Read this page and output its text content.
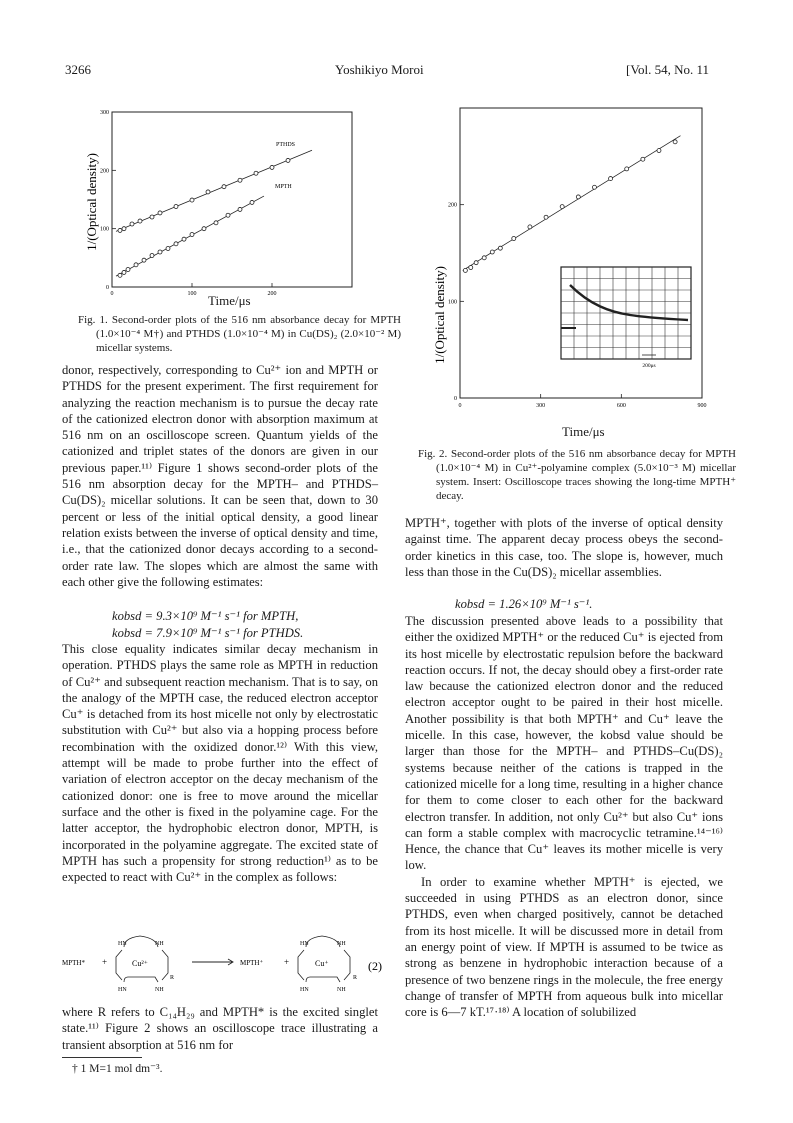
3266	Yoshikiyo Moroi	[Vol. 54, No. 11
1/(Optical density)
0	100	200
0
100
200
300
PTHDS
MPTH
Time/μs
Fig. 1. Second-order plots of the 516 nm absorbance decay for MPTH (1.0×10⁻⁴ M†) and PTHDS (1.0×10⁻⁴ M) in Cu(DS)₂ (2.0×10⁻² M) micellar systems.	1/(Optical density)
0	300	600	900
0
100
200
200μs
Time/μs
Fig. 2. Second-order plots of the 516 nm absorbance decay for MPTH (1.0×10⁻⁴ M) in Cu²⁺-polyamine complex (5.0×10⁻³ M) micellar system. Insert: Oscilloscope traces showing the long-time MPTH⁺ decay.

donor, respectively, corresponding to Cu²⁺ ion and MPTH or PTHDS for the present experiment. The first requirement for analyzing the reaction mechanism is to pursue the decay rate of the cationized electron donor with absorption maximum at 516 nm on an oscilloscope screen. Quantum yields of the cationized and triplet states of the donors are given in our previous paper.¹¹⁾ Figure 1 shows second-order plots of the 516 nm absorption decay for the MPTH– and PTHDS–Cu(DS)₂ micellar solutions. It can be seen that, down to 30 percent or less of the initial optical density, a good linear relation exists between the inverse of optical density and time, i.e., that the cationized donor decays according to a second-order rate law. The slopes which are almost the same with each other give the following estimates:

kobsd = 9.3×10⁹ M⁻¹ s⁻¹ for MPTH,
kobsd = 7.9×10⁹ M⁻¹ s⁻¹ for PTHDS.

This close equality indicates similar decay mechanism in operation. PTHDS plays the same role as MPTH in reduction of Cu²⁺ and subsequent reaction mechanism. That is to say, on the analogy of the MPTH case, the reduced electron acceptor Cu⁺ is detached from its host micelle not only by electrostatic substitution with Cu²⁺ but also via a hopping process before recombination with the oxidized donor.¹²⁾ With this view, attempt will be made to probe further into the effect of variation of electron acceptor on the decay mechanism of the cationized donor: one is free to move around the micellar surface and the other is fixed in the polyamine cage. For the latter acceptor, the hydrophobic electron donor, MPTH, is incorporated in the polyamine aggregate. The excited state of MPTH has such a propensity for strong reduction¹⁾ as to be expected to react with Cu²⁺ in the complex as follows:

MPTH* +
HN	NH
HN	NH
Cu²⁺
R
MPTH⁺ +
HN	NH
HN	NH
Cu⁺
R
(2)

where R refers to C₁₄H₂₉ and MPTH* is the excited singlet state.¹¹⁾ Figure 2 shows an oscilloscope trace illustrating a transient absorption at 516 nm for

† 1 M=1 mol dm⁻³.

MPTH⁺, together with plots of the inverse of optical density against time. The apparent decay process obeys the second-order kinetics in this case, too. The slope is, however, much less than those in the Cu(DS)₂ micellar assemblies.

kobsd = 1.26×10⁹ M⁻¹ s⁻¹.

The discussion presented above leads to a possibility that either the oxidized MPTH⁺ or the reduced Cu⁺ is ejected from its host micelle by electrostatic repulsion before the backward reaction occurs. If not, the decay should obey a first-order rate law because the cationized electron donor and the reduced electron acceptor ought to be paired in their host micelle. Another possibility is that both MPTH⁺ and Cu⁺ leave the micelle. In this case, however, the kobsd value should be larger than those for the MPTH– and PTHDS–Cu(DS)₂ systems because neither of the cations is trapped in the cationized micelle for a long time, resulting in a higher chance for them to come closer to each other for the backward electron transfer. In addition, not only Cu²⁺ but also Cu⁺ ions can form a stable complex with macrocyclic tetramine.¹⁴⁻¹⁶⁾ Hence, the chance that Cu⁺ leaves its mother micelle is very low.

In order to examine whether MPTH⁺ is ejected, we succeeded in using PTHDS as an electron donor, since PTHDS, even when charged positively, cannot be detached from its host micelle. It will be discussed more in detail from an energy point of view. If MPTH is assumed to be twice as strong as benzene in hydrophobic interaction because of a presence of two benzene rings in the molecule, the free energy change of transfer of MPTH from aqueous bulk into micellar core is 6—7 kT.¹⁷·¹⁸⁾ A location of solubilized
